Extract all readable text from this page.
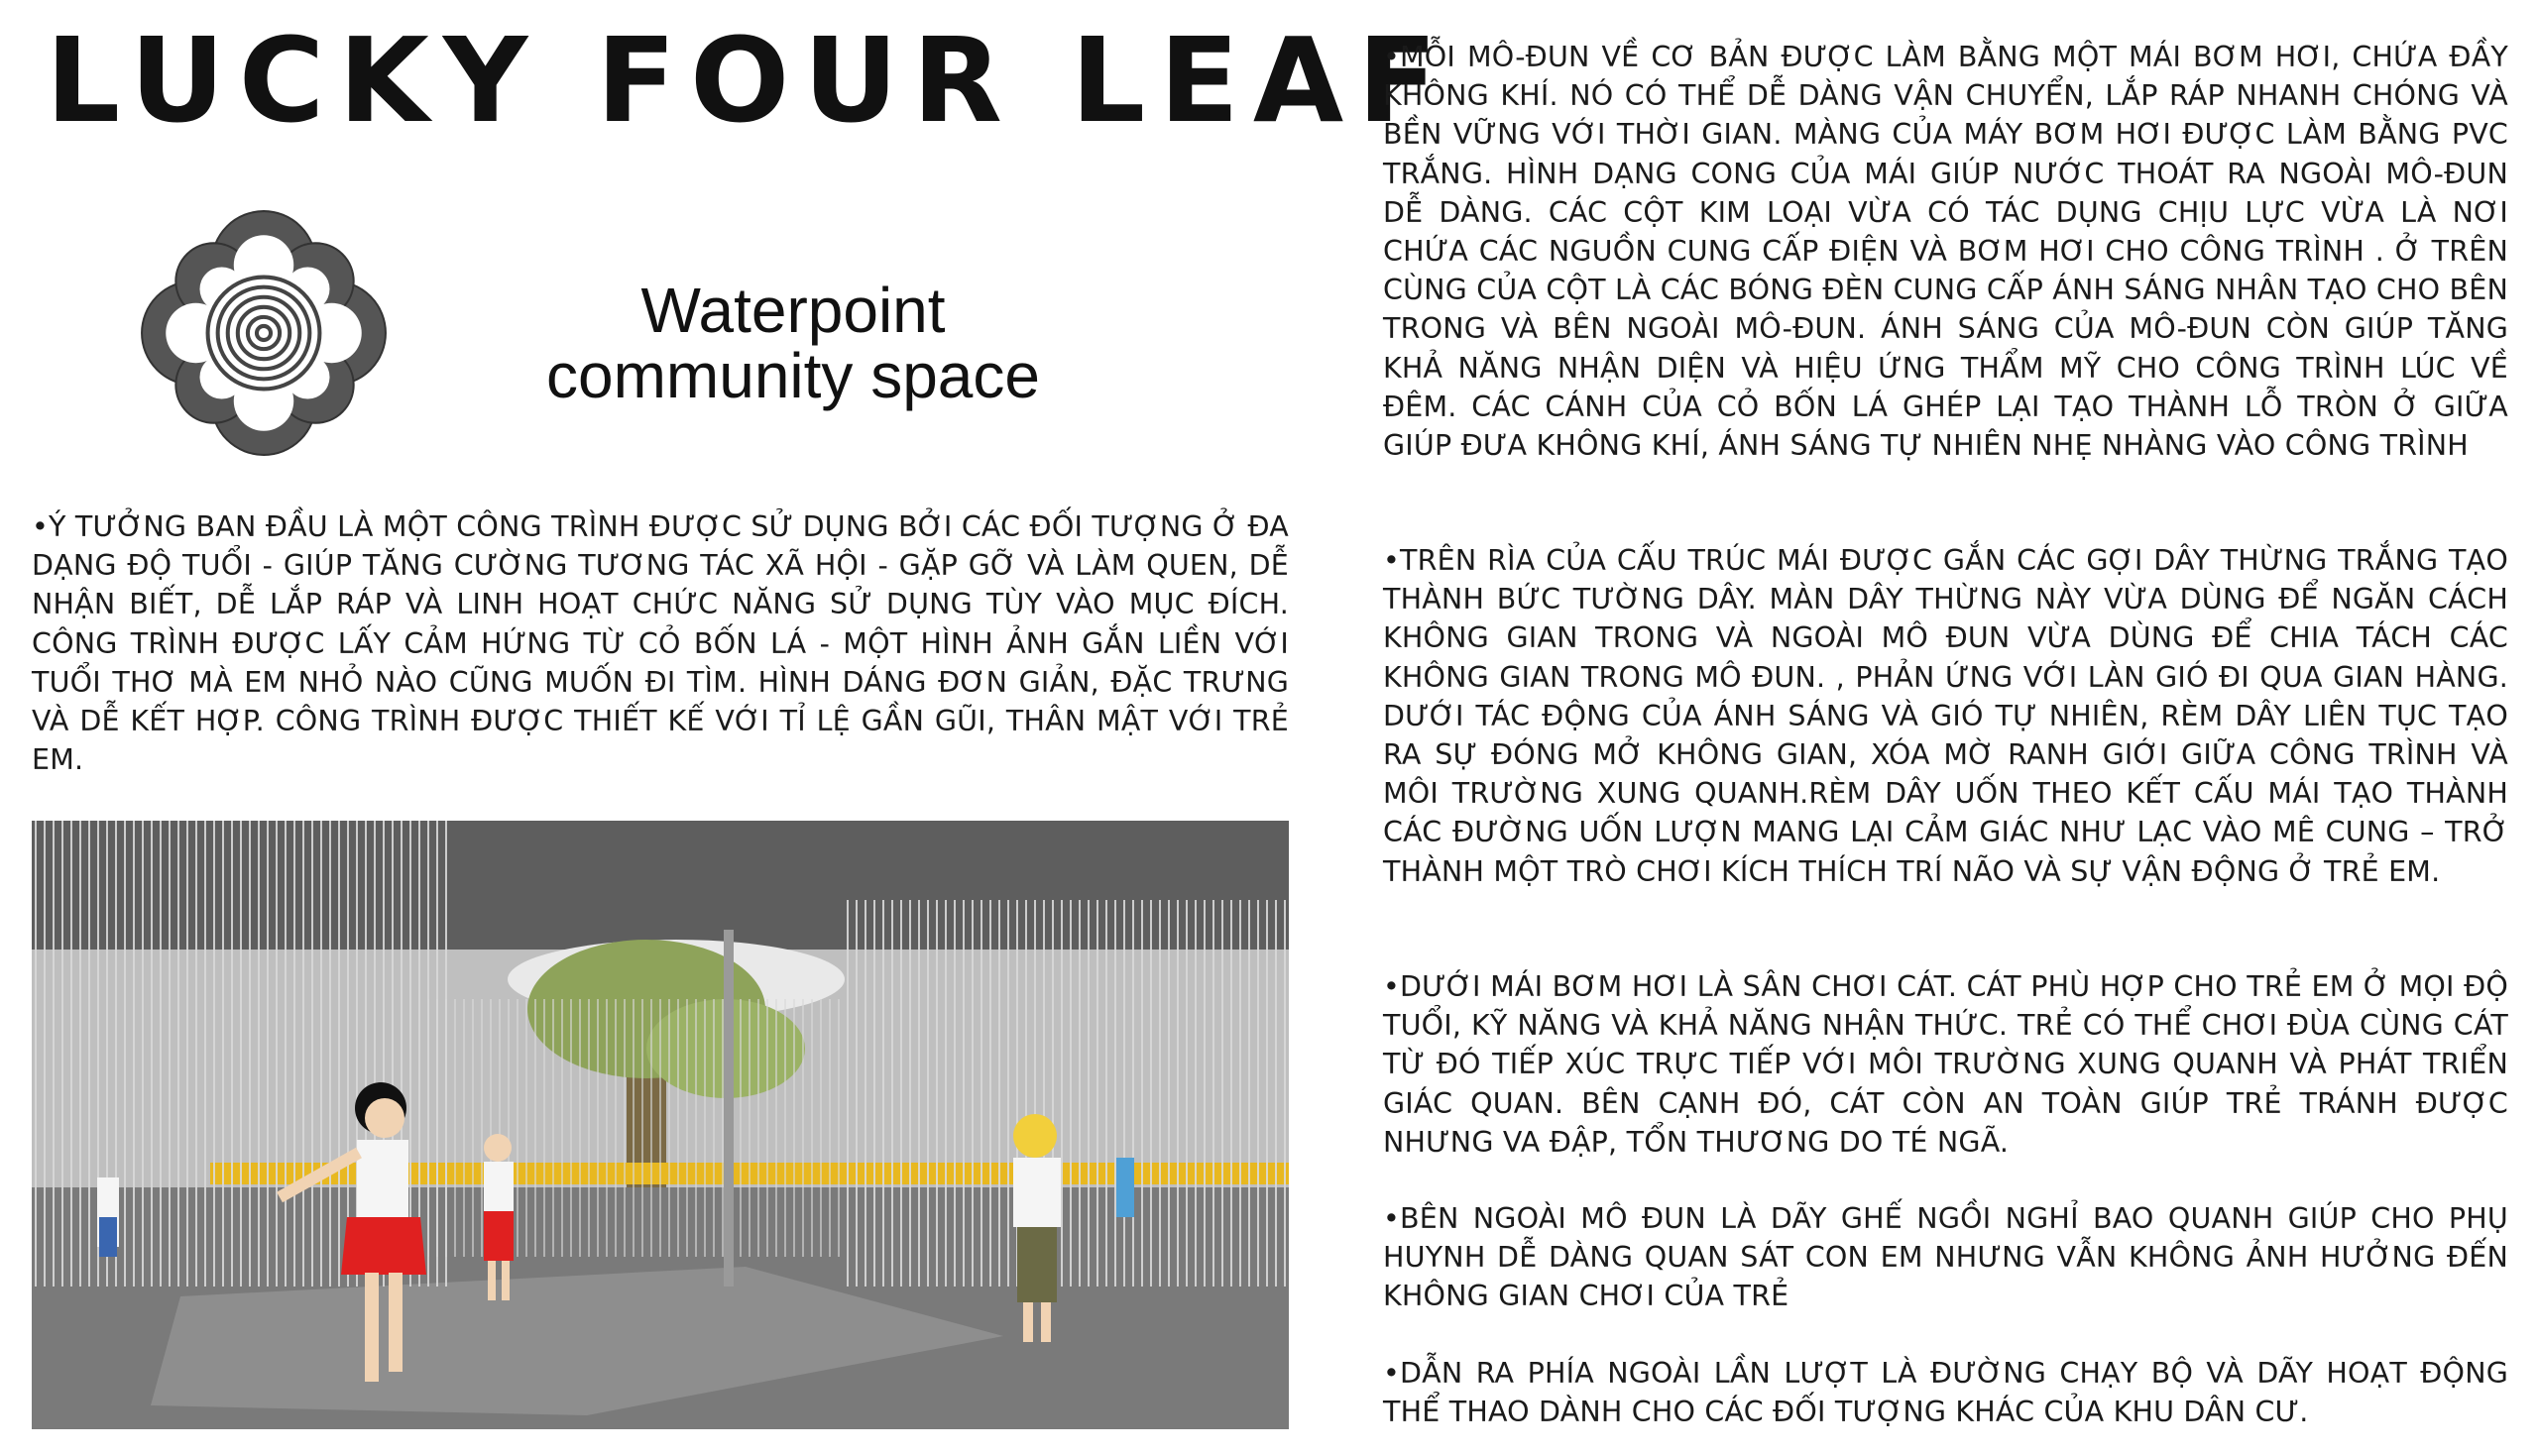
LUCKY FOUR LEAF
Waterpoint
community space

•Ý TƯỞNG BAN ĐẦU LÀ MỘT CÔNG TRÌNH ĐƯỢC SỬ DỤNG BỞI CÁC ĐỐI TƯỢNG Ở ĐA DẠNG ĐỘ TUỔI - GIÚP TĂNG CƯỜNG TƯƠNG TÁC XÃ HỘI - GẶP GỠ VÀ LÀM QUEN, DỄ NHẬN BIẾT, DỄ LẮP RÁP VÀ LINH HOẠT CHỨC NĂNG SỬ DỤNG TÙY VÀO MỤC ĐÍCH. CÔNG TRÌNH ĐƯỢC LẤY CẢM HỨNG TỪ CỎ BỐN LÁ - MỘT HÌNH ẢNH GẮN LIỀN VỚI TUỔI THƠ MÀ EM NHỎ NÀO CŨNG MUỐN ĐI TÌM. HÌNH DÁNG ĐƠN GIẢN, ĐẶC TRƯNG VÀ DỄ KẾT HỢP. CÔNG TRÌNH ĐƯỢC THIẾT KẾ VỚI TỈ LỆ GẦN GŨI, THÂN MẬT VỚI TRẺ EM.

•MỖI MÔ-ĐUN VỀ CƠ BẢN ĐƯỢC LÀM BẰNG MỘT MÁI BƠM HƠI, CHỨA ĐẦY KHÔNG KHÍ. NÓ CÓ THỂ DỄ DÀNG VẬN CHUYỂN, LẮP RÁP NHANH CHÓNG VÀ BỀN VỮNG VỚI THỜI GIAN. MÀNG CỦA MÁY BƠM HƠI ĐƯỢC LÀM BẰNG PVC TRẮNG. HÌNH DẠNG CONG CỦA MÁI GIÚP NƯỚC THOÁT RA NGOÀI MÔ-ĐUN DỄ DÀNG. CÁC CỘT KIM LOẠI VỪA CÓ TÁC DỤNG CHỊU LỰC VỪA LÀ NƠI CHỨA CÁC NGUỒN CUNG CẤP ĐIỆN VÀ BƠM HƠI CHO CÔNG TRÌNH . Ở TRÊN CÙNG CỦA CỘT LÀ CÁC BÓNG ĐÈN CUNG CẤP ÁNH SÁNG NHÂN TẠO CHO BÊN TRONG VÀ BÊN NGOÀI MÔ-ĐUN. ÁNH SÁNG CỦA MÔ-ĐUN CÒN GIÚP TĂNG KHẢ NĂNG NHẬN DIỆN VÀ HIỆU ỨNG THẨM MỸ CHO CÔNG TRÌNH LÚC VỀ ĐÊM. CÁC CÁNH CỦA CỎ BỐN LÁ GHÉP LẠI TẠO THÀNH LỖ TRÒN Ở GIỮA GIÚP ĐƯA KHÔNG KHÍ, ÁNH SÁNG TỰ NHIÊN NHẸ NHÀNG VÀO CÔNG TRÌNH

•TRÊN RÌA CỦA CẤU TRÚC MÁI ĐƯỢC GẮN CÁC GỢI DÂY THỪNG TRẮNG TẠO THÀNH BỨC TƯỜNG DÂY. MÀN DÂY THỪNG NÀY VỪA DÙNG ĐỂ NGĂN CÁCH KHÔNG GIAN TRONG VÀ NGOÀI MÔ ĐUN VỪA DÙNG ĐỂ CHIA TÁCH CÁC KHÔNG GIAN TRONG MÔ ĐUN. , PHẢN ỨNG VỚI LÀN GIÓ ĐI QUA GIAN HÀNG. DƯỚI TÁC ĐỘNG CỦA ÁNH SÁNG VÀ GIÓ TỰ NHIÊN, RÈM DÂY LIÊN TỤC TẠO RA SỰ ĐÓNG MỞ KHÔNG GIAN, XÓA MỜ RANH GIỚI GIỮA CÔNG TRÌNH VÀ MÔI TRƯỜNG XUNG QUANH.RÈM DÂY UỐN THEO KẾT CẤU MÁI TẠO THÀNH CÁC ĐƯỜNG UỐN LƯỢN MANG LẠI CẢM GIÁC NHƯ LẠC VÀO MÊ CUNG – TRỞ THÀNH MỘT TRÒ CHƠI KÍCH THÍCH TRÍ NÃO VÀ SỰ VẬN ĐỘNG Ở TRẺ EM.

•DƯỚI MÁI BƠM HƠI LÀ SÂN CHƠI CÁT. CÁT PHÙ HỢP CHO TRẺ EM Ở MỌI ĐỘ TUỔI, KỸ NĂNG VÀ KHẢ NĂNG NHẬN THỨC. TRẺ CÓ THỂ CHƠI ĐÙA CÙNG CÁT TỪ ĐÓ TIẾP XÚC TRỰC TIẾP VỚI MÔI TRƯỜNG XUNG QUANH VÀ PHÁT TRIỂN GIÁC QUAN. BÊN CẠNH ĐÓ, CÁT CÒN AN TOÀN GIÚP TRẺ TRÁNH ĐƯỢC NHƯNG VA ĐẬP, TỔN THƯƠNG DO TÉ NGÃ.

•BÊN NGOÀI MÔ ĐUN LÀ DÃY GHẾ NGỒI NGHỈ BAO QUANH GIÚP CHO PHỤ HUYNH DỄ DÀNG QUAN SÁT CON EM NHƯNG VẪN KHÔNG ẢNH HƯỞNG ĐẾN KHÔNG GIAN CHƠI CỦA TRẺ

•DẪN RA PHÍA NGOÀI LẦN LƯỢT LÀ ĐƯỜNG CHẠY BỘ VÀ DÃY HOẠT ĐỘNG THỂ THAO DÀNH CHO CÁC ĐỐI TƯỢNG KHÁC CỦA KHU DÂN CƯ.
